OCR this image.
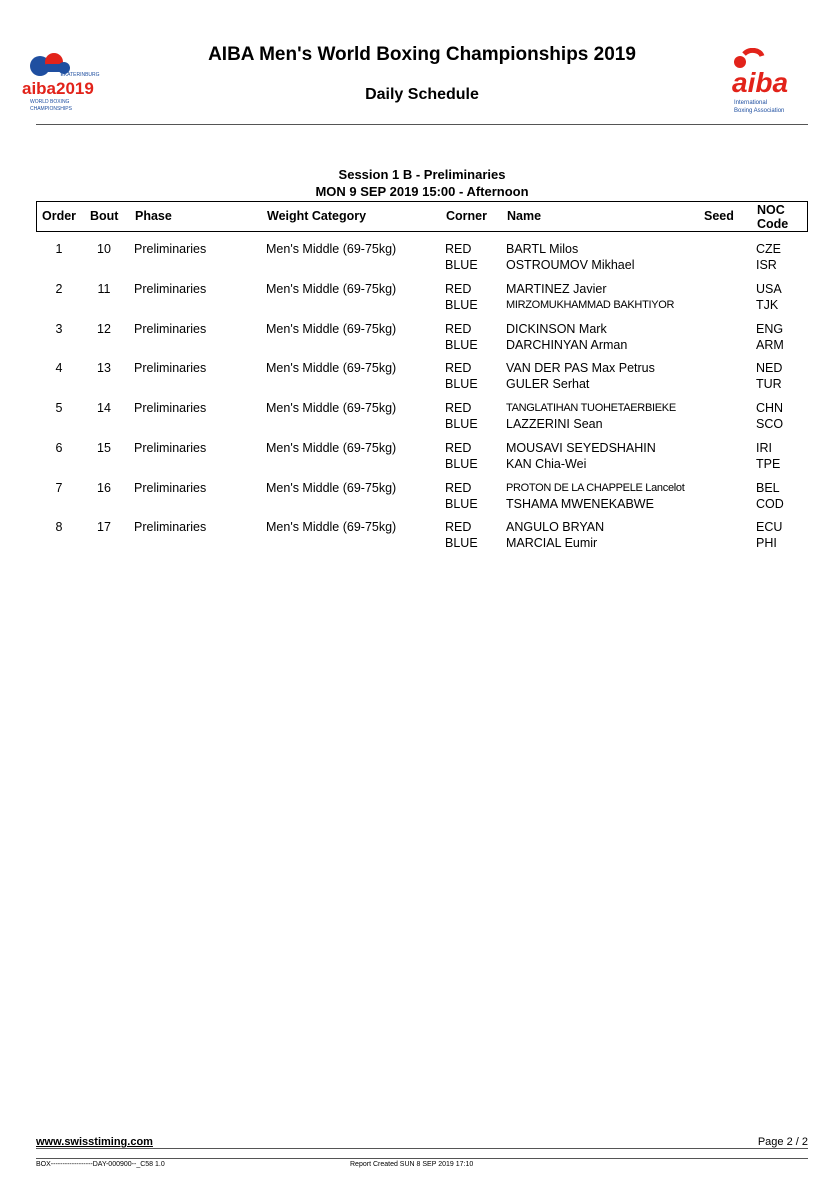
EKATERINBURG
aiba2019
WORLD BOXING
CHAMPIONSHIPS
AIBA Men's World Boxing Championships 2019
Daily Schedule	aiba
International
Boxing Association
Session 1 B - Preliminaries
MON 9 SEP 2019 15:00 - Afternoon
Order Bout Phase	Weight Category	Corner Name	Seed NOC
Code
1	10	Preliminaries	Men's Middle (69-75kg)	RED	BARTL Milos	CZE
BLUE OSTROUMOV Mikhael	ISR
2	11	Preliminaries	Men's Middle (69-75kg)	RED	MARTINEZ Javier	USA
BLUE	MIRZOMUKHAMMAD BAKHTIYOR	TJK
3	12	Preliminaries	Men's Middle (69-75kg)	RED	DICKINSON Mark	ENG
BLUE DARCHINYAN Arman	ARM
4	13	Preliminaries	Men's Middle (69-75kg)	RED	VAN DER PAS Max Petrus	NED
BLUE GULER Serhat	TUR
5	14	Preliminaries	Men's Middle (69-75kg)	RED	TANGLATIHAN TUOHETAERBIEKE	CHN
BLUE LAZZERINI Sean	SCO
6	15	Preliminaries	Men's Middle (69-75kg)	RED	MOUSAVI SEYEDSHAHIN	IRI
BLUE KAN Chia-Wei	TPE
7	16	Preliminaries	Men's Middle (69-75kg)	RED	PROTON DE LA CHAPPELE Lancelot	BEL
BLUE TSHAMA MWENEKABWE	COD
8	17	Preliminaries	Men's Middle (69-75kg)	RED	ANGULO BRYAN	ECU
BLUE MARCIAL Eumir	PHI
www.swisstiming.com	Page 2 / 2
BOX------------------DAY-000900--_C58 1.0	Report Created SUN 8 SEP 2019 17:10
